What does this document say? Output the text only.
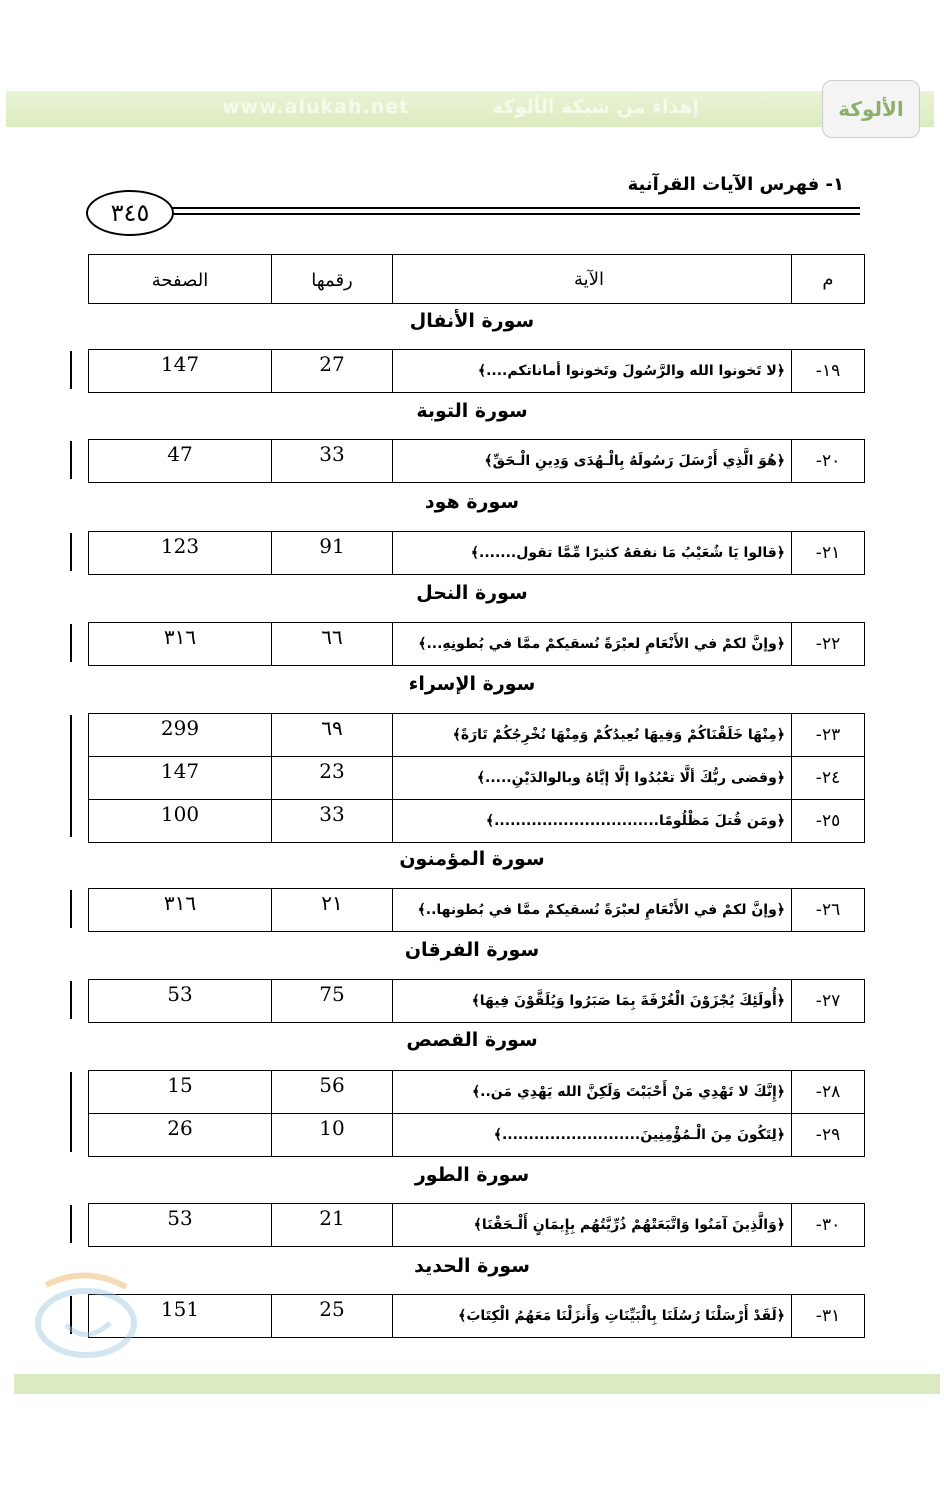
www.alukah.net	إهداء من شبكة الألوكة	الألوكة
١- فهرس الآيات القرآنية
٣٤٥
الصفحة	رقمها	الآية	م
سورة الأنفال
147	27	﴿لا تَخونوا الله والرَّسُولَ وتَخونوا أماناتكم....﴾	١٩-
سورة التوبة
47	33	﴿هُوَ الَّذِي أَرْسَلَ رَسُولَهُ بِالْـهُدَى وَدِينِ الْـحَقِّ﴾	٢٠-
سورة هود
123	91	﴿قالوا يَا شُعَيْبُ مَا نفقهُ كثيرًا مِّمَّا تقول.......﴾	٢١-
سورة النحل
٣١٦	٦٦	﴿وإنَّ لكمْ في الأَنْعَامِ لعبْرَةً نُسقيكمْ ممَّا في بُطونِهِ...﴾	٢٢-
سورة الإسراء
299	٦٩	﴿مِنْهَا خَلَقْنَاكُمْ وَفِيهَا نُعِيدُكُمْ وَمِنْهَا نُخْرِجُكُمْ تَارَةً﴾	٢٣-
147	23	﴿وقضى ربُّكَ ألَّا تعْبُدُوا إلَّا إيَّاهُ وبالوالدَيْنِ.....﴾	٢٤-
100	33	﴿ومَن قُتلَ مَظْلُومًا...............................﴾	٢٥-
سورة المؤمنون
٣١٦	٢١	﴿وإنَّ لكمْ في الأَنْعَامِ لعبْرَةً نُسقيكمْ ممَّا في بُطونها..﴾	٢٦-
سورة الفرقان
53	75	﴿أُولَئِكَ يُجْزَوْنَ الْغُرْفَةَ بِمَا صَبَرُوا وَيُلَقَّوْنَ فِيهَا﴾	٢٧-
سورة القصص
15	56	﴿إِنَّكَ لا تَهْدِي مَنْ أَحْبَبْتَ وَلَكِنَّ الله يَهْدِي مَن..﴾	٢٨-
26	10	﴿لِتَكُونَ مِنَ الْـمُؤْمِنِينَ..........................﴾	٢٩-
سورة الطور
53	21	﴿وَالَّذِينَ آمَنُوا وَاتَّبَعَتْهُمْ ذُرِّيَّتُهُم بِإِيمَانٍ أَلْـحَقْنَا﴾	٣٠-
سورة الحديد
151	25	﴿لَقَدْ أَرْسَلْنَا رُسُلَنَا بِالْبَيِّنَاتِ وَأَنزَلْنَا مَعَهُمُ الْكِتَابَ﴾	٣١-
